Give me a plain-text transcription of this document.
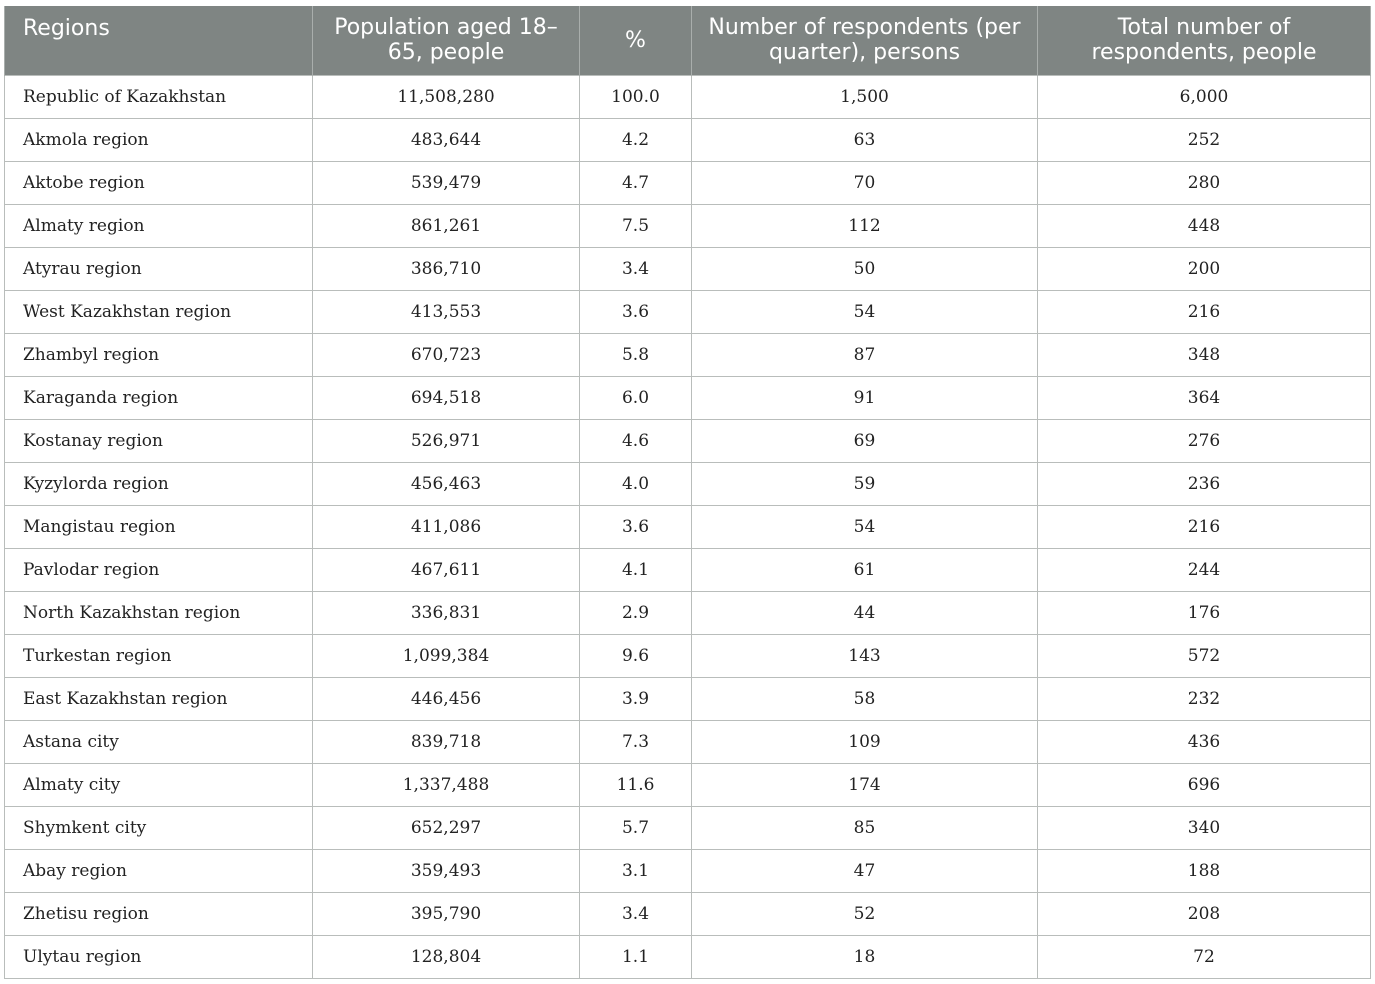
Regions	Population aged 18–65, people	%	Number of respondents (per quarter), persons	Total number of respondents, people
Republic of Kazakhstan	11,508,280	100.0	1,500	6,000
Akmola region	483,644	4.2	63	252
Aktobe region	539,479	4.7	70	280
Almaty region	861,261	7.5	112	448
Atyrau region	386,710	3.4	50	200
West Kazakhstan region	413,553	3.6	54	216
Zhambyl region	670,723	5.8	87	348
Karaganda region	694,518	6.0	91	364
Kostanay region	526,971	4.6	69	276
Kyzylorda region	456,463	4.0	59	236
Mangistau region	411,086	3.6	54	216
Pavlodar region	467,611	4.1	61	244
North Kazakhstan region	336,831	2.9	44	176
Turkestan region	1,099,384	9.6	143	572
East Kazakhstan region	446,456	3.9	58	232
Astana city	839,718	7.3	109	436
Almaty city	1,337,488	11.6	174	696
Shymkent city	652,297	5.7	85	340
Abay region	359,493	3.1	47	188
Zhetisu region	395,790	3.4	52	208
Ulytau region	128,804	1.1	18	72
